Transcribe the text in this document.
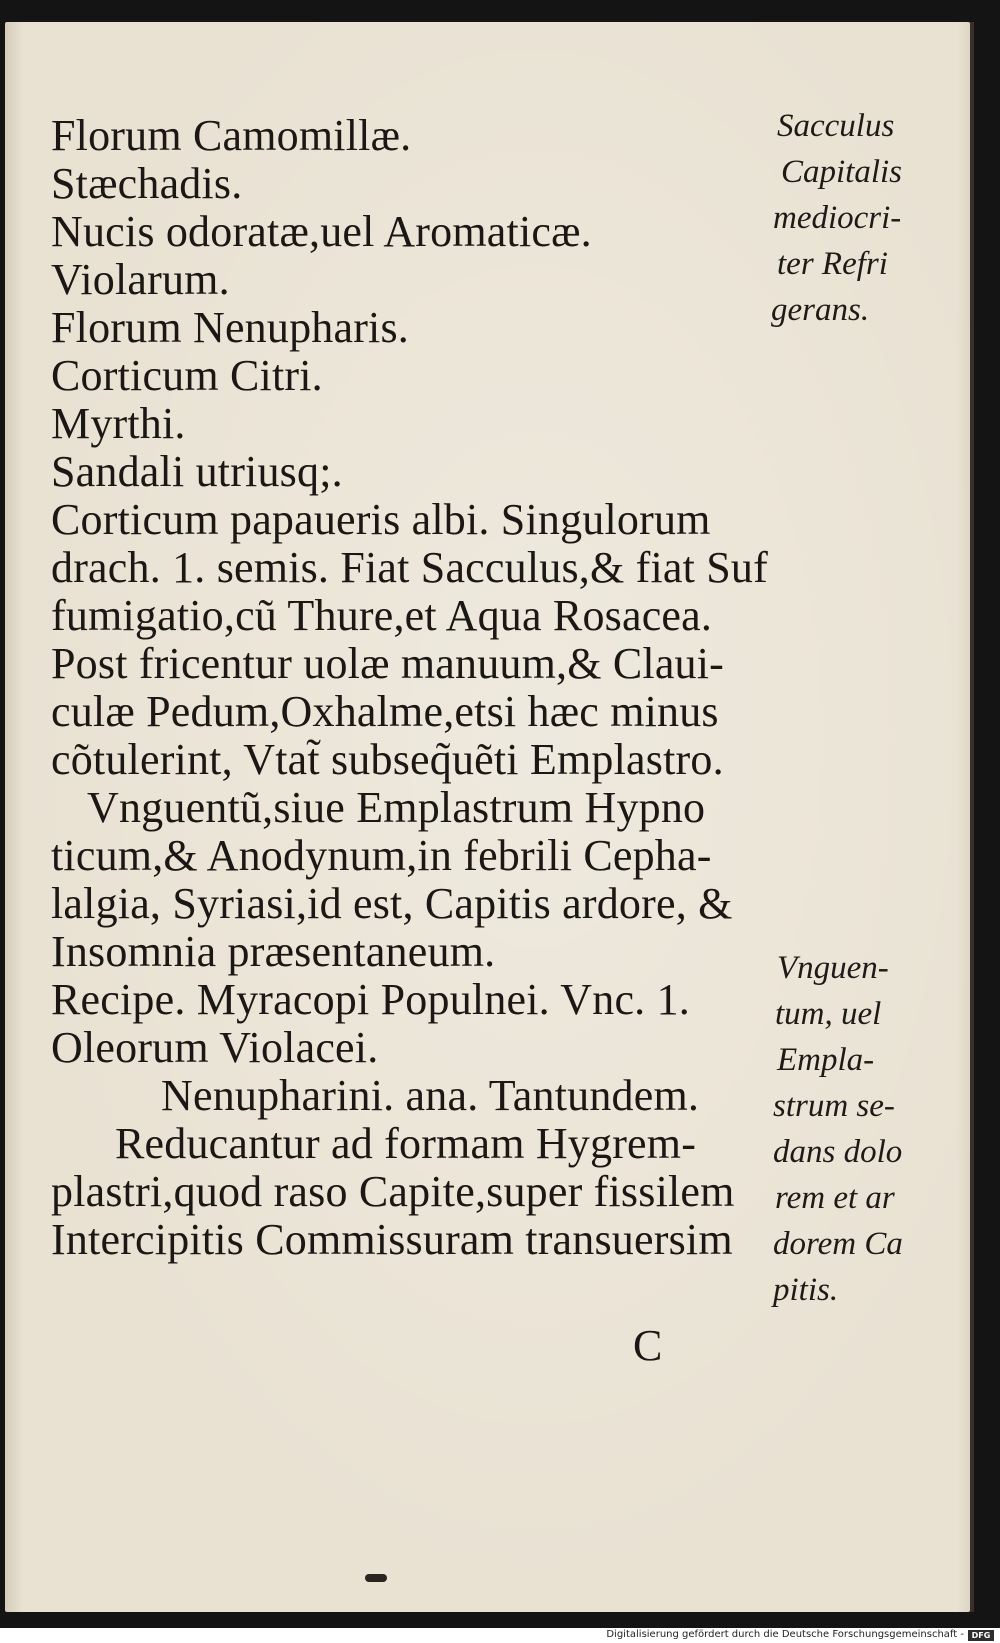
Florum Camomillæ.
Stæchadis.
Nucis odoratæ,uel Aromaticæ.
Violarum.
Florum Nenupharis.
Corticum Citri.
Myrthi.
Sandali utriusq;.
Corticum papaueris albi. Singulorum
drach. 1. semis. Fiat Sacculus,& fiat Suf
fumigatio,cũ Thure,et Aqua Rosacea.
Post fricentur uolæ manuum,& Claui-
culæ Pedum,Oxhalme,etsi hæc minus
cõtulerint, Vtat̃ subseq̃uẽti Emplastro.
Vnguentũ,siue Emplastrum Hypno
ticum,& Anodynum,in febrili Cepha-
lalgia, Syriasi,id est, Capitis ardore, &
Insomnia præsentaneum.
Recipe. Myracopi Populnei. Vnc. 1.
Oleorum Violacei.
Nenupharini. ana. Tantundem.
Reducantur ad formam Hygrem-
plastri,quod raso Capite,super fissilem
Intercipitis Commissuram transuersim
C
Sacculus
Capitalis
mediocri-
ter Refri
gerans.
Vnguen-
tum, uel
Empla-
strum se-
dans dolo
rem et ar
dorem Ca
pitis.
Digitalisierung gefördert durch die Deutsche Forschungsgemeinschaft - DFG
